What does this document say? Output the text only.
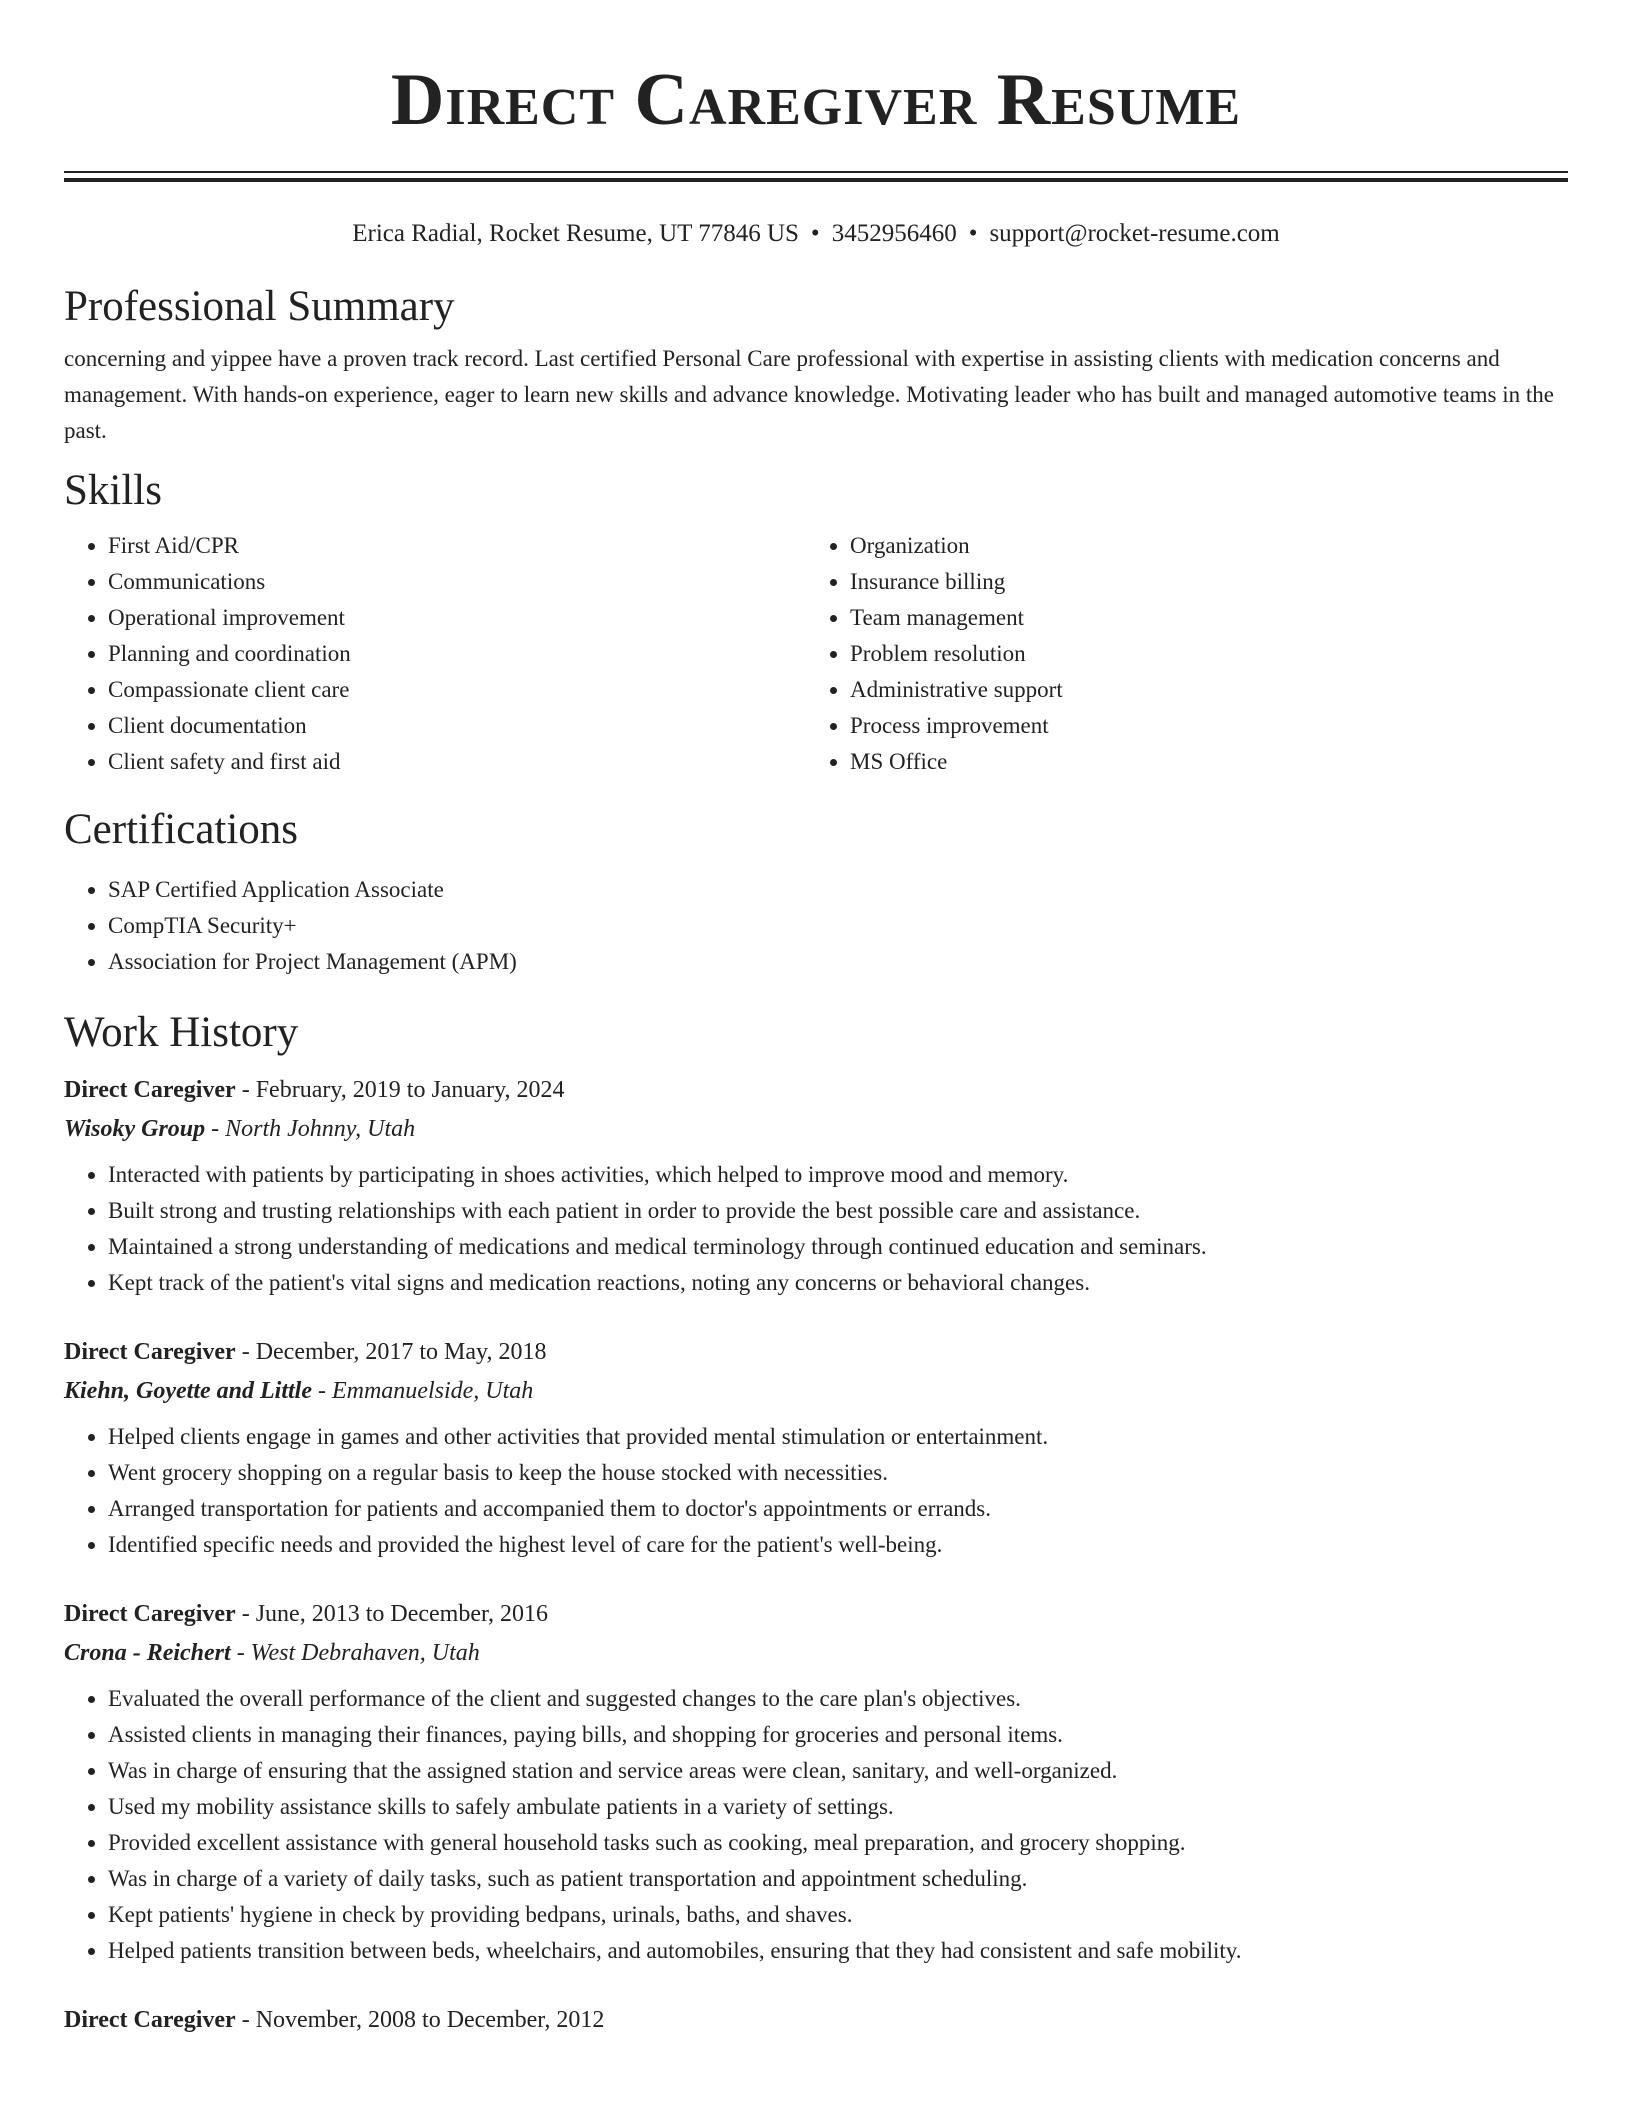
Direct Caregiver Resume
Erica Radial, Rocket Resume, UT 77846 US • 3452956460 • support@rocket-resume.com
Professional Summary

concerning and yippee have a proven track record. Last certified Personal Care professional with expertise in assisting clients with medication concerns and management. With hands-on experience, eager to learn new skills and advance knowledge. Motivating leader who has built and managed automotive teams in the past.

Skills
• First Aid/CPR
• Communications
• Operational improvement
• Planning and coordination
• Compassionate client care
• Client documentation
• Client safety and first aid
• Organization
• Insurance billing
• Team management
• Problem resolution
• Administrative support
• Process improvement
• MS Office
Certifications
• SAP Certified Application Associate
• CompTIA Security+
• Association for Project Management (APM)
Work History
Direct Caregiver - February, 2019 to January, 2024
Wisoky Group - North Johnny, Utah
• Interacted with patients by participating in shoes activities, which helped to improve mood and memory.
• Built strong and trusting relationships with each patient in order to provide the best possible care and assistance.
• Maintained a strong understanding of medications and medical terminology through continued education and seminars.
• Kept track of the patient's vital signs and medication reactions, noting any concerns or behavioral changes.
Direct Caregiver - December, 2017 to May, 2018
Kiehn, Goyette and Little - Emmanuelside, Utah
• Helped clients engage in games and other activities that provided mental stimulation or entertainment.
• Went grocery shopping on a regular basis to keep the house stocked with necessities.
• Arranged transportation for patients and accompanied them to doctor's appointments or errands.
• Identified specific needs and provided the highest level of care for the patient's well-being.
Direct Caregiver - June, 2013 to December, 2016
Crona - Reichert - West Debrahaven, Utah
• Evaluated the overall performance of the client and suggested changes to the care plan's objectives.
• Assisted clients in managing their finances, paying bills, and shopping for groceries and personal items.
• Was in charge of ensuring that the assigned station and service areas were clean, sanitary, and well-organized.
• Used my mobility assistance skills to safely ambulate patients in a variety of settings.
• Provided excellent assistance with general household tasks such as cooking, meal preparation, and grocery shopping.
• Was in charge of a variety of daily tasks, such as patient transportation and appointment scheduling.
• Kept patients' hygiene in check by providing bedpans, urinals, baths, and shaves.
• Helped patients transition between beds, wheelchairs, and automobiles, ensuring that they had consistent and safe mobility.
Direct Caregiver - November, 2008 to December, 2012
